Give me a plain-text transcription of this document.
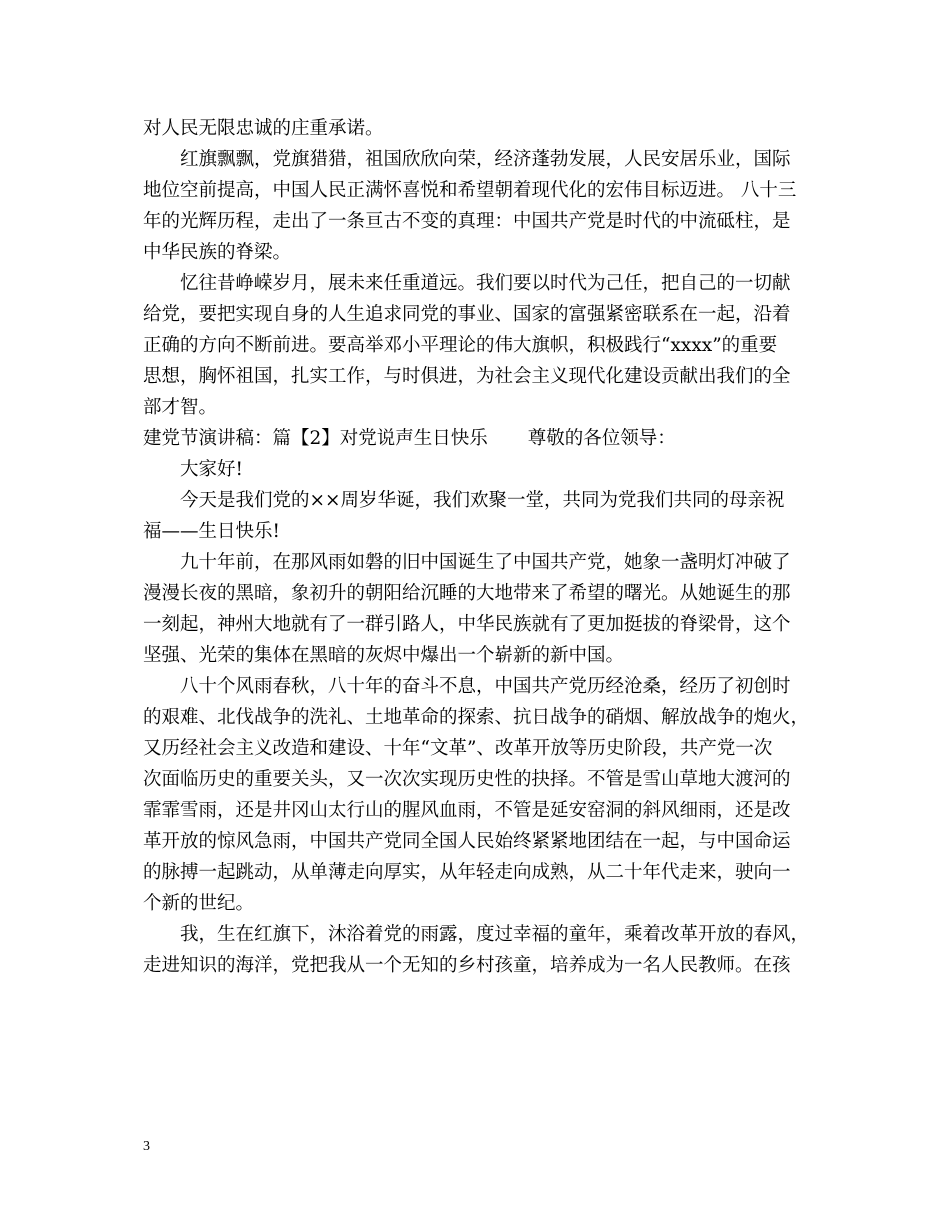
对人民无限忠诚的庄重承诺。

红旗飘飘，党旗猎猎，祖国欣欣向荣，经济蓬勃发展，人民安居乐业，国际

地位空前提高，中国人民正满怀喜悦和希望朝着现代化的宏伟目标迈进。 八十三

年的光辉历程，走出了一条亘古不变的真理：中国共产党是时代的中流砥柱，是

中华民族的脊梁。

忆往昔峥嵘岁月，展未来任重道远。我们要以时代为己任，把自己的一切献

给党，要把实现自身的人生追求同党的事业、国家的富强紧密联系在一起，沿着

正确的方向不断前进。要高举邓小平理论的伟大旗帜，积极践行“xxxx”的重要

思想，胸怀祖国，扎实工作，与时俱进，为社会主义现代化建设贡献出我们的全

部才智。

建党节演讲稿：篇【2】对党说声生日快乐 尊敬的各位领导：

大家好!

今天是我们党的××周岁华诞，我们欢聚一堂，共同为党我们共同的母亲祝

福——生日快乐!

九十年前，在那风雨如磐的旧中国诞生了中国共产党，她象一盏明灯冲破了

漫漫长夜的黑暗，象初升的朝阳给沉睡的大地带来了希望的曙光。从她诞生的那

一刻起，神州大地就有了一群引路人，中华民族就有了更加挺拔的脊梁骨，这个

坚强、光荣的集体在黑暗的灰烬中爆出一个崭新的新中国。

八十个风雨春秋，八十年的奋斗不息，中国共产党历经沧桑，经历了初创时

的艰难、北伐战争的洗礼、土地革命的探索、抗日战争的硝烟、解放战争的炮火，

又历经社会主义改造和建设、十年“文革”、改革开放等历史阶段，共产党一次

次面临历史的重要关头，又一次次实现历史性的抉择。不管是雪山草地大渡河的

霏霏雪雨，还是井冈山太行山的腥风血雨，不管是延安窑洞的斜风细雨，还是改

革开放的惊风急雨，中国共产党同全国人民始终紧紧地团结在一起，与中国命运

的脉搏一起跳动，从单薄走向厚实，从年轻走向成熟，从二十年代走来，驶向一

个新的世纪。

我，生在红旗下，沐浴着党的雨露，度过幸福的童年，乘着改革开放的春风，

走进知识的海洋，党把我从一个无知的乡村孩童，培养成为一名人民教师。在孩

3
